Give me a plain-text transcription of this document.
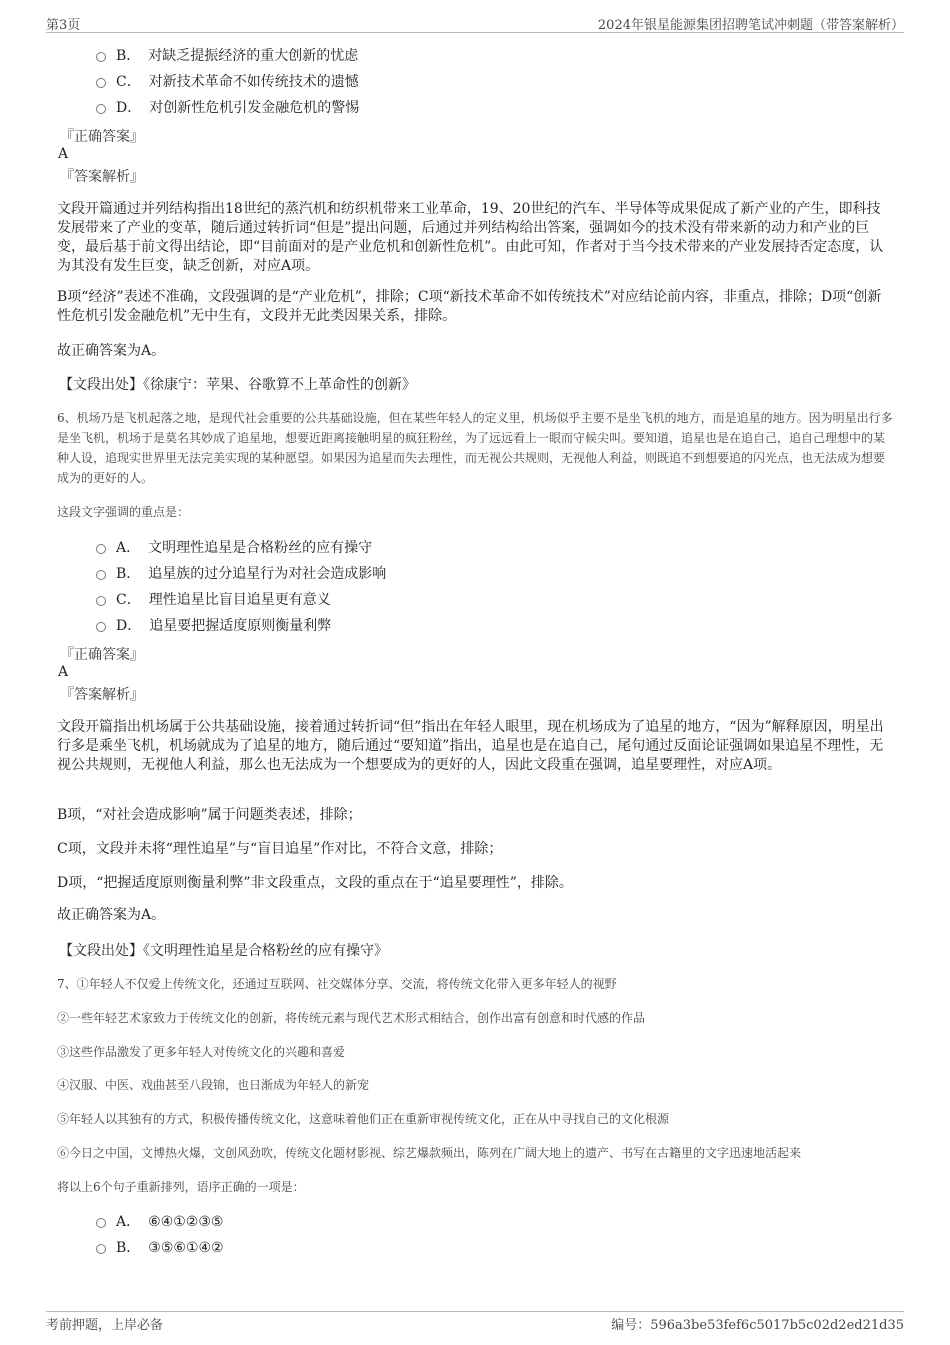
第3页	2024年银星能源集团招聘笔试冲刺题（带答案解析）
B． 对缺乏提振经济的重大创新的忧虑
C． 对新技术革命不如传统技术的遗憾
D． 对创新性危机引发金融危机的警惕
『正确答案』
A
『答案解析』

文段开篇通过并列结构指出18世纪的蒸汽机和纺织机带来工业革命，19、20世纪的汽车、半导体等成果促成了新产业的产生，即科技发展带来了产业的变革，随后通过转折词“但是”提出问题，后通过并列结构给出答案，强调如今的技术没有带来新的动力和产业的巨变，最后基于前文得出结论，即“目前面对的是产业危机和创新性危机”。由此可知，作者对于当今技术带来的产业发展持否定态度，认为其没有发生巨变，缺乏创新，对应A项。

B项“经济”表述不准确，文段强调的是“产业危机”，排除；C项“新技术革命不如传统技术”对应结论前内容，非重点，排除；D项“创新性危机引发金融危机”无中生有，文段并无此类因果关系，排除。

故正确答案为A。

【文段出处】《徐康宁：苹果、谷歌算不上革命性的创新》

6、机场乃是飞机起落之地，是现代社会重要的公共基础设施，但在某些年轻人的定义里，机场似乎主要不是坐飞机的地方，而是追星的地方。因为明星出行多是坐飞机，机场于是莫名其妙成了追星地，想要近距离接触明星的疯狂粉丝，为了远远看上一眼而守候尖叫。要知道，追星也是在追自己，追自己理想中的某种人设，追现实世界里无法完美实现的某种愿望。如果因为追星而失去理性，而无视公共规则，无视他人利益，则既追不到想要追的闪光点，也无法成为想要成为的更好的人。

这段文字强调的重点是：

A． 文明理性追星是合格粉丝的应有操守
B． 追星族的过分追星行为对社会造成影响
C． 理性追星比盲目追星更有意义
D． 追星要把握适度原则衡量利弊
『正确答案』
A
『答案解析』

文段开篇指出机场属于公共基础设施，接着通过转折词“但”指出在年轻人眼里，现在机场成为了追星的地方，“因为”解释原因，明星出行多是乘坐飞机，机场就成为了追星的地方，随后通过“要知道”指出，追星也是在追自己，尾句通过反面论证强调如果追星不理性，无视公共规则，无视他人利益，那么也无法成为一个想要成为的更好的人，因此文段重在强调，追星要理性，对应A项。

B项，“对社会造成影响”属于问题类表述，排除；

C项，文段并未将“理性追星”与“盲目追星”作对比，不符合文意，排除；

D项，“把握适度原则衡量利弊”非文段重点，文段的重点在于“追星要理性”，排除。

故正确答案为A。

【文段出处】《文明理性追星是合格粉丝的应有操守》

7、①年轻人不仅爱上传统文化，还通过互联网、社交媒体分享、交流，将传统文化带入更多年轻人的视野

②一些年轻艺术家致力于传统文化的创新，将传统元素与现代艺术形式相结合，创作出富有创意和时代感的作品

③这些作品激发了更多年轻人对传统文化的兴趣和喜爱

④汉服、中医、戏曲甚至八段锦，也日渐成为年轻人的新宠

⑤年轻人以其独有的方式，积极传播传统文化，这意味着他们正在重新审视传统文化，正在从中寻找自己的文化根源

⑥今日之中国，文博热火爆，文创风劲吹，传统文化题材影视、综艺爆款频出，陈列在广阔大地上的遗产、书写在古籍里的文字迅速地活起来

将以上6个句子重新排列，语序正确的一项是：

A． ⑥④①②③⑤
B． ③⑤⑥①④②
考前押题，上岸必备	编号：596a3be53fef6c5017b5c02d2ed21d35
